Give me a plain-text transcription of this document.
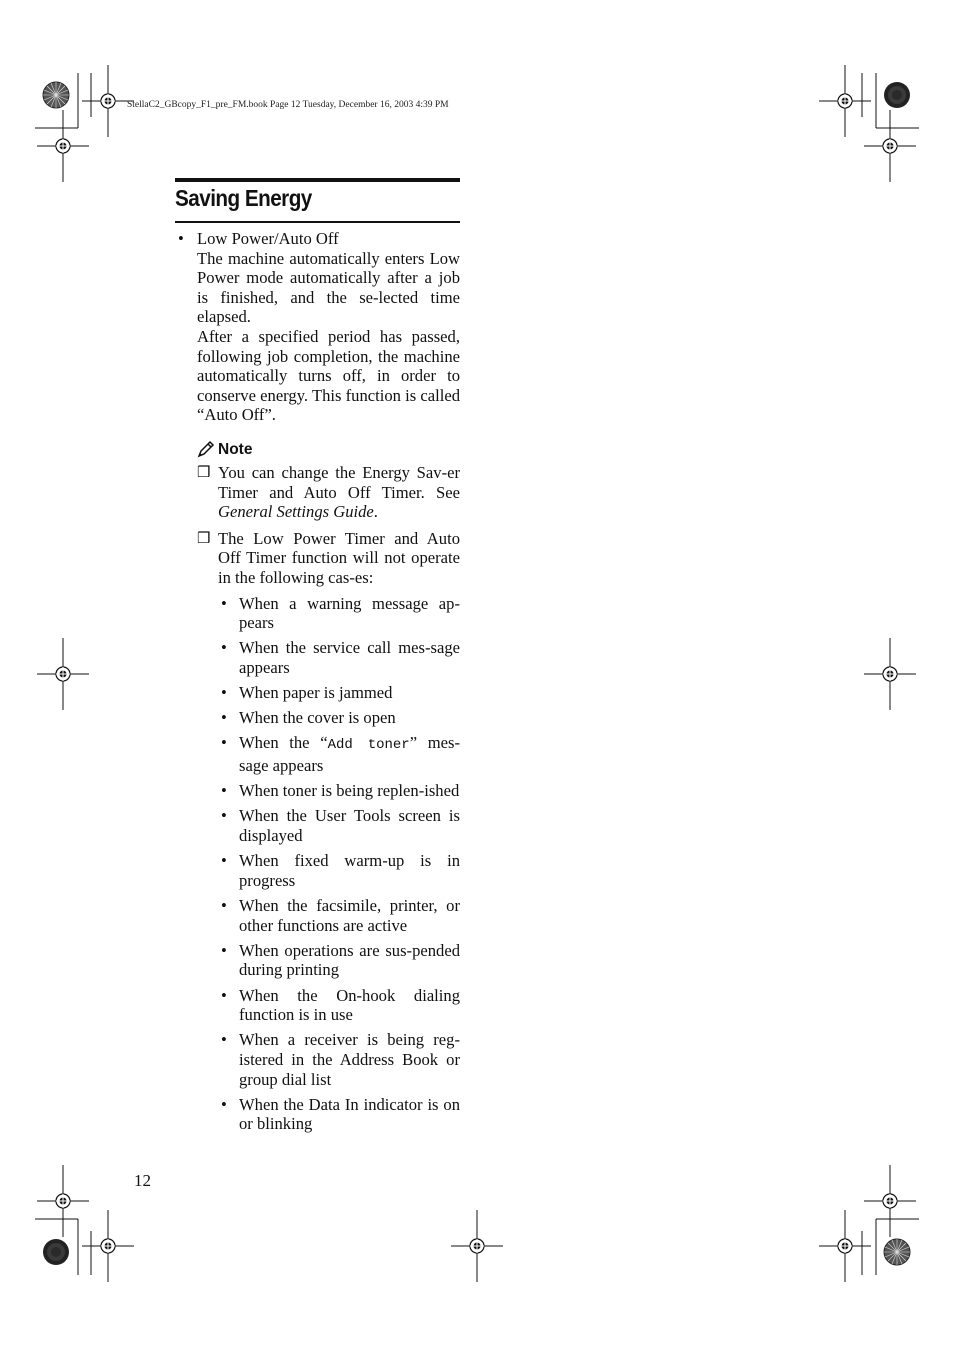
StellaC2_GBcopy_F1_pre_FM.book Page 12 Tuesday, December 16, 2003 4:39 PM
Saving Energy
• Low Power/Auto Off
The machine automatically enters Low Power mode automatically after a job is finished, and the se-lected time elapsed.
After a specified period has passed, following job completion, the machine automatically turns off, in order to conserve energy. This function is called “Auto Off”.
Note
❒ You can change the Energy Sav-er Timer and Auto Off Timer. See General Settings Guide.
❒ The Low Power Timer and Auto Off Timer function will not operate in the following cas-es:
• When a warning message ap-pears
• When the service call mes-sage appears
• When paper is jammed
• When the cover is open
• When the “Add toner” mes-sage appears
• When toner is being replen-ished
• When the User Tools screen is displayed
• When fixed warm-up is in progress
• When the facsimile, printer, or other functions are active
• When operations are sus-pended during printing
• When the On-hook dialing function is in use
• When a receiver is being reg-istered in the Address Book or group dial list
• When the Data In indicator is on or blinking
12
